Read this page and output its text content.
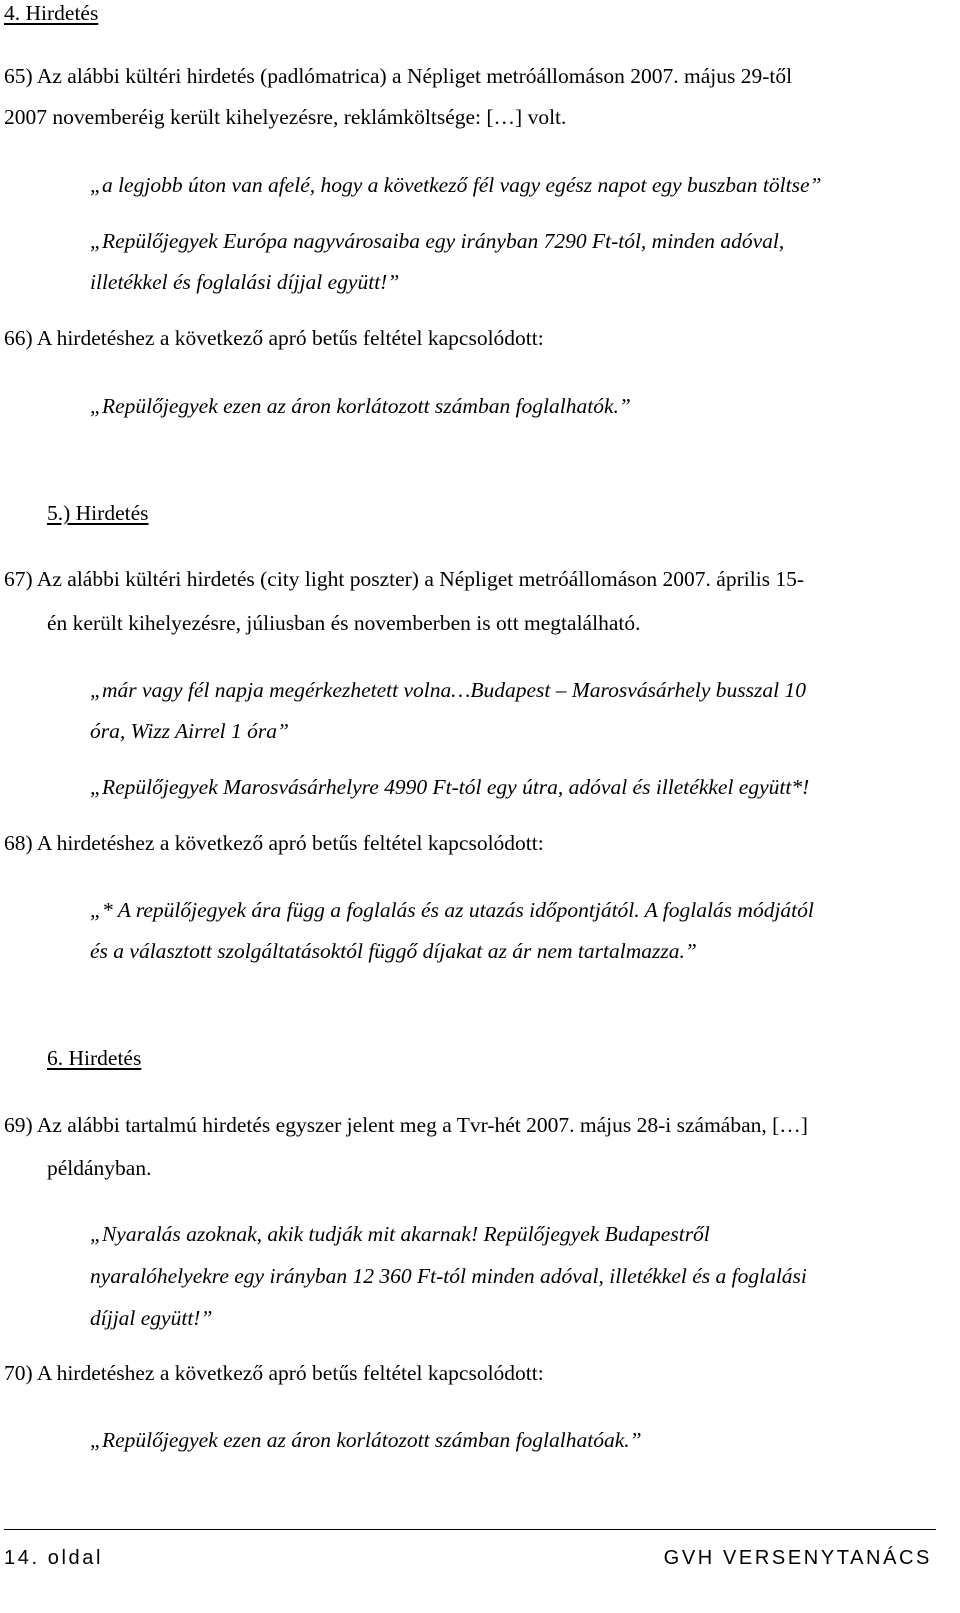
4. Hirdetés
65) Az alábbi kültéri hirdetés (padlómatrica) a Népliget metróállomáson 2007. május 29-től
2007 novemberéig került kihelyezésre, reklámköltsége: […] volt.
„a legjobb úton van afelé, hogy a következő fél vagy egész napot egy buszban töltse”
„Repülőjegyek Európa nagyvárosaiba egy irányban 7290 Ft-tól, minden adóval,
illetékkel és foglalási díjjal együtt!”
66) A hirdetéshez a következő apró betűs feltétel kapcsolódott:
„Repülőjegyek ezen az áron korlátozott számban foglalhatók.”
5.) Hirdetés
67) Az alábbi kültéri hirdetés (city light poszter) a Népliget metróállomáson 2007. április 15-
én került kihelyezésre, júliusban és novemberben is ott megtalálható.
„már vagy fél napja megérkezhetett volna…Budapest – Marosvásárhely busszal 10
óra, Wizz Airrel 1 óra”
„Repülőjegyek Marosvásárhelyre 4990 Ft-tól egy útra, adóval és illetékkel együtt*!
68) A hirdetéshez a következő apró betűs feltétel kapcsolódott:
„* A repülőjegyek ára függ a foglalás és az utazás időpontjától. A foglalás módjától
és a választott szolgáltatásoktól függő díjakat az ár nem tartalmazza.”
6. Hirdetés
69) Az alábbi tartalmú hirdetés egyszer jelent meg a Tvr-hét 2007. május 28-i számában, […]
példányban.
„Nyaralás azoknak, akik tudják mit akarnak! Repülőjegyek Budapestről
nyaralóhelyekre egy irányban 12 360 Ft-tól minden adóval, illetékkel és a foglalási
díjjal együtt!”
70) A hirdetéshez a következő apró betűs feltétel kapcsolódott:
„Repülőjegyek ezen az áron korlátozott számban foglalhatóak.”
14. oldal	GVH VERSENYTANÁCS
